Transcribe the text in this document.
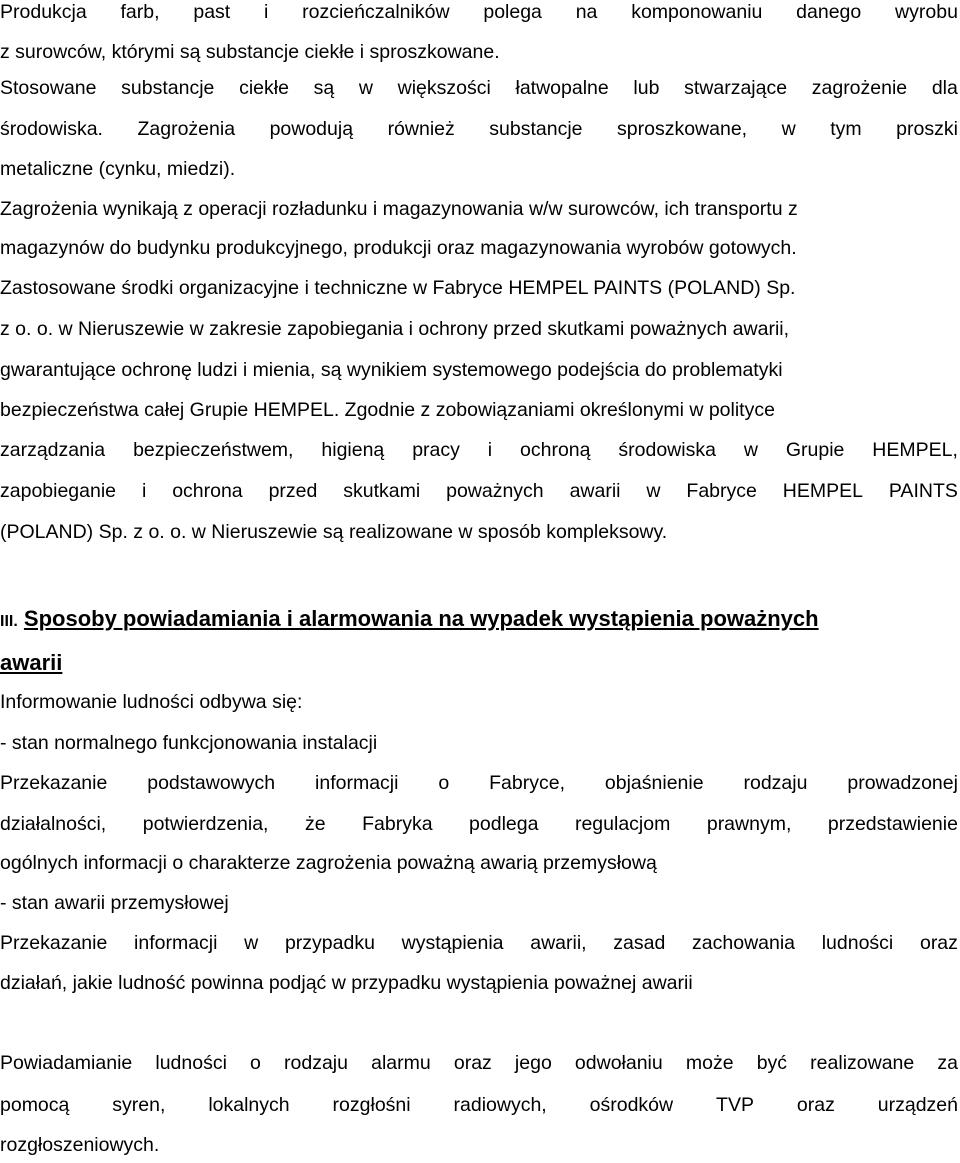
Produkcja farb, past i rozcieńczalników polega na komponowaniu danego wyrobu
z surowców, którymi są substancje ciekłe i sproszkowane.
Stosowane substancje ciekłe są w większości łatwopalne lub stwarzające zagrożenie dla
środowiska. Zagrożenia powodują również substancje sproszkowane, w tym proszki
metaliczne (cynku, miedzi).
Zagrożenia wynikają z operacji rozładunku i magazynowania w/w surowców, ich transportu z
magazynów do budynku produkcyjnego, produkcji oraz magazynowania wyrobów gotowych.
Zastosowane środki organizacyjne i techniczne w Fabryce HEMPEL PAINTS (POLAND) Sp.
z o. o. w Nieruszewie w zakresie zapobiegania i ochrony przed skutkami poważnych awarii,
gwarantujące ochronę ludzi i mienia, są wynikiem systemowego podejścia do problematyki
bezpieczeństwa całej Grupie HEMPEL. Zgodnie z zobowiązaniami określonymi w polityce
zarządzania bezpieczeństwem, higieną pracy i ochroną środowiska w Grupie HEMPEL,
zapobieganie i ochrona przed skutkami poważnych awarii w Fabryce HEMPEL PAINTS
(POLAND) Sp. z o. o. w Nieruszewie są realizowane w sposób kompleksowy.
III. Sposoby powiadamiania i alarmowania na wypadek wystąpienia poważnych
awarii
Informowanie ludności odbywa się:
- stan normalnego funkcjonowania instalacji
Przekazanie podstawowych informacji o Fabryce, objaśnienie rodzaju prowadzonej
działalności, potwierdzenia, że Fabryka podlega regulacjom prawnym, przedstawienie
ogólnych informacji o charakterze zagrożenia poważną awarią przemysłową
- stan awarii przemysłowej
Przekazanie informacji w przypadku wystąpienia awarii, zasad zachowania ludności oraz
działań, jakie ludność powinna podjąć w przypadku wystąpienia poważnej awarii
Powiadamianie ludności o rodzaju alarmu oraz jego odwołaniu może być realizowane za
pomocą syren, lokalnych rozgłośni radiowych, ośrodków TVP oraz urządzeń
rozgłoszeniowych.
